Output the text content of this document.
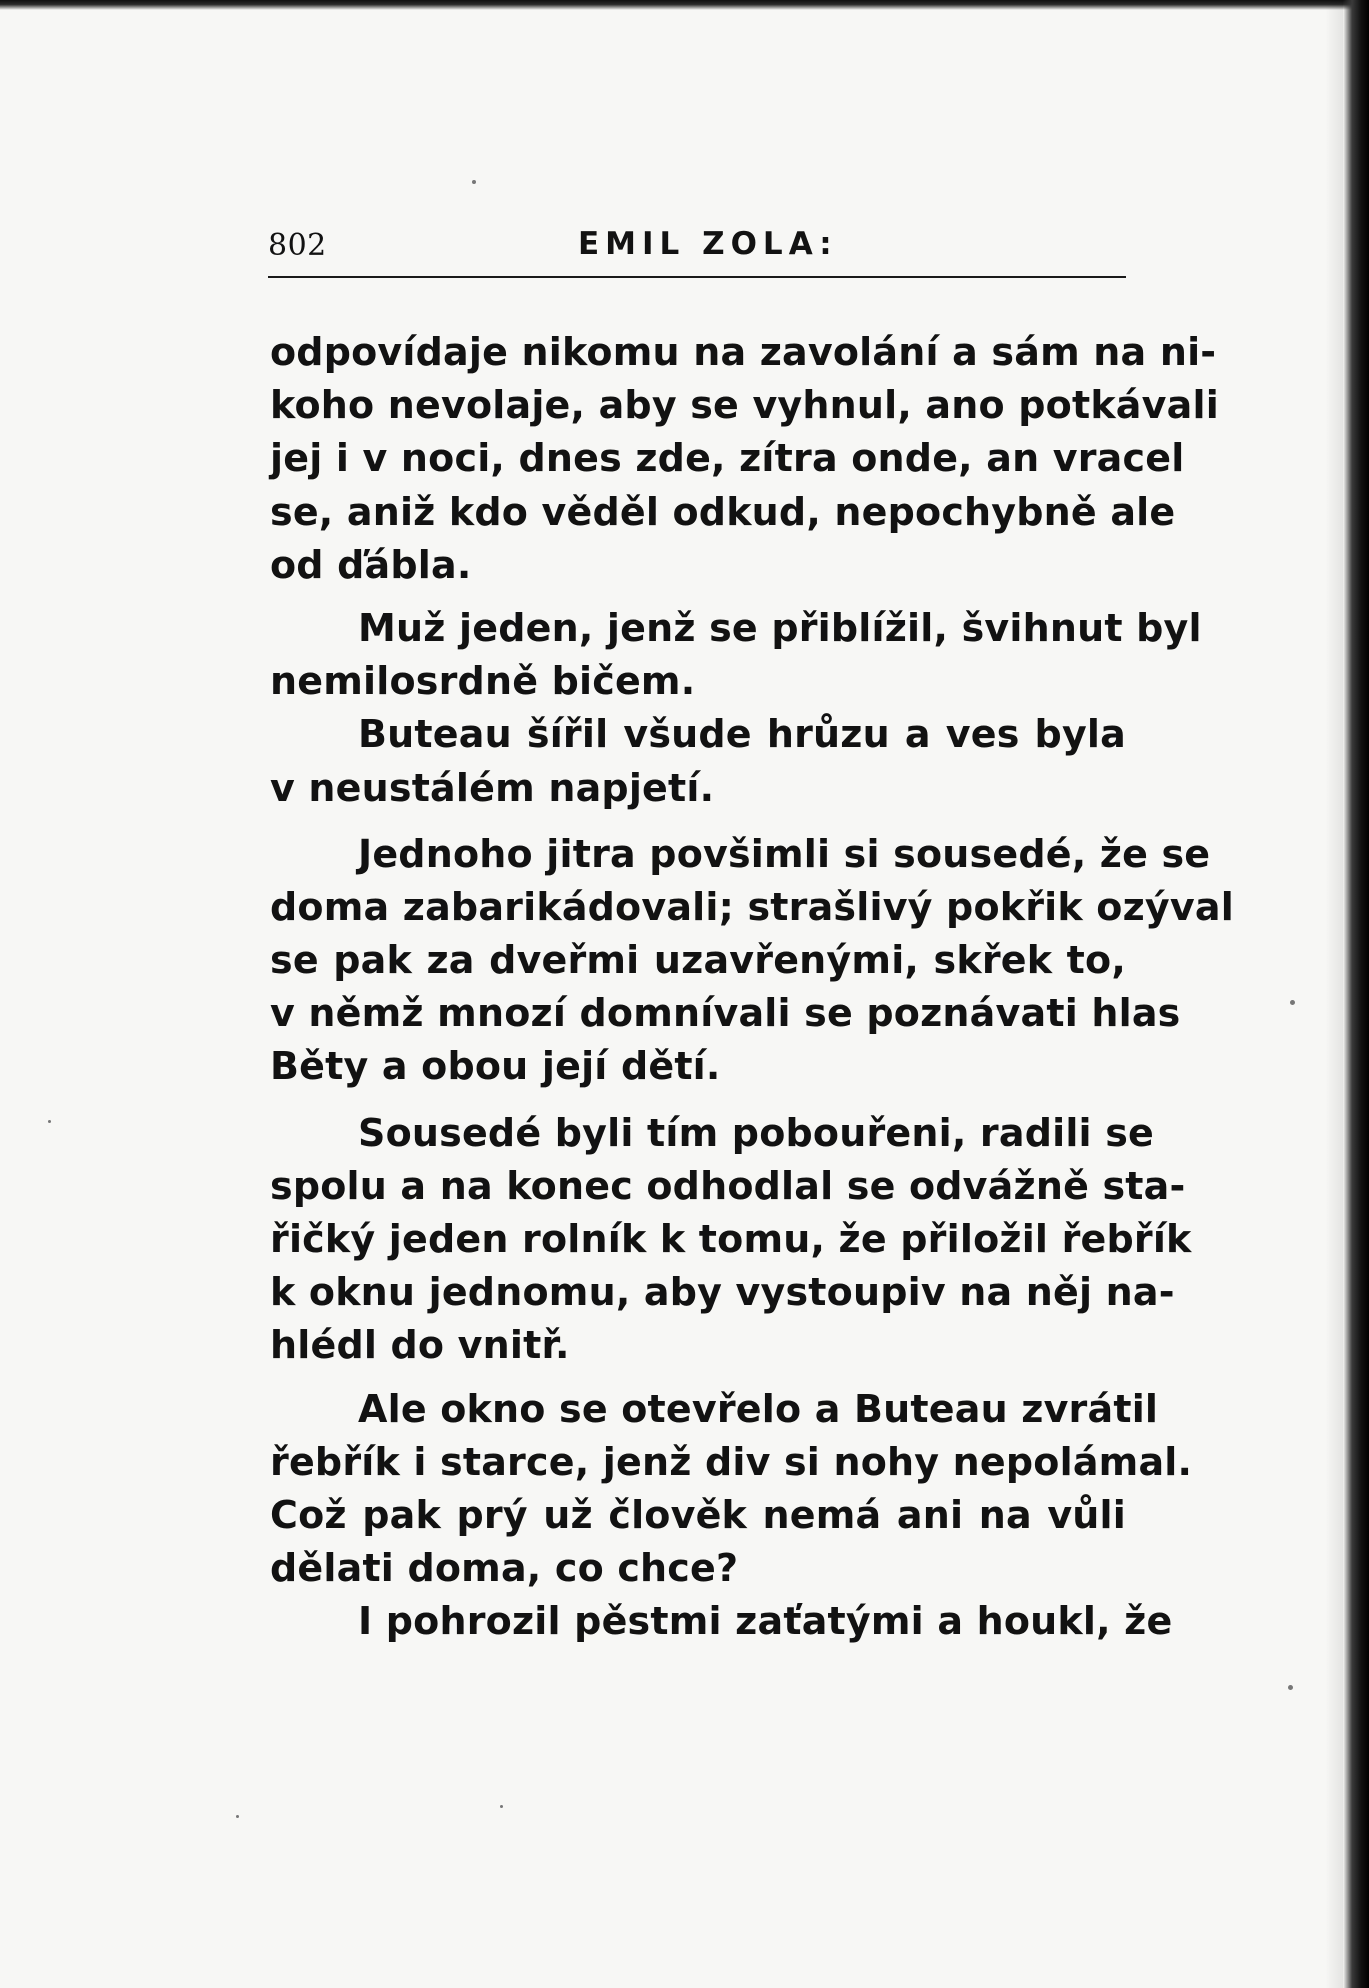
802	EMIL ZOLA:
odpovídaje nikomu na zavolání a sám na ni-
koho nevolaje, aby se vyhnul, ano potkávali
jej i v noci, dnes zde, zítra onde, an vracel
se, aniž kdo věděl odkud, nepochybně ale
od ďábla.
Muž jeden, jenž se přiblížil, švihnut byl
nemilosrdně bičem.
Buteau šířil všude hrůzu a ves byla
v neustálém napjetí.
Jednoho jitra povšimli si sousedé, že se
doma zabarikádovali; strašlivý pokřik ozýval
se pak za dveřmi uzavřenými, skřek to,
v němž mnozí domnívali se poznávati hlas
Běty a obou její dětí.
Sousedé byli tím pobouřeni, radili se
spolu a na konec odhodlal se odvážně sta-
řičký jeden rolník k tomu, že přiložil řebřík
k oknu jednomu, aby vystoupiv na něj na-
hlédl do vnitř.
Ale okno se otevřelo a Buteau zvrátil
řebřík i starce, jenž div si nohy nepolámal.
Což pak prý už člověk nemá ani na vůli
dělati doma, co chce?
I pohrozil pěstmi zaťatými a houkl, že
